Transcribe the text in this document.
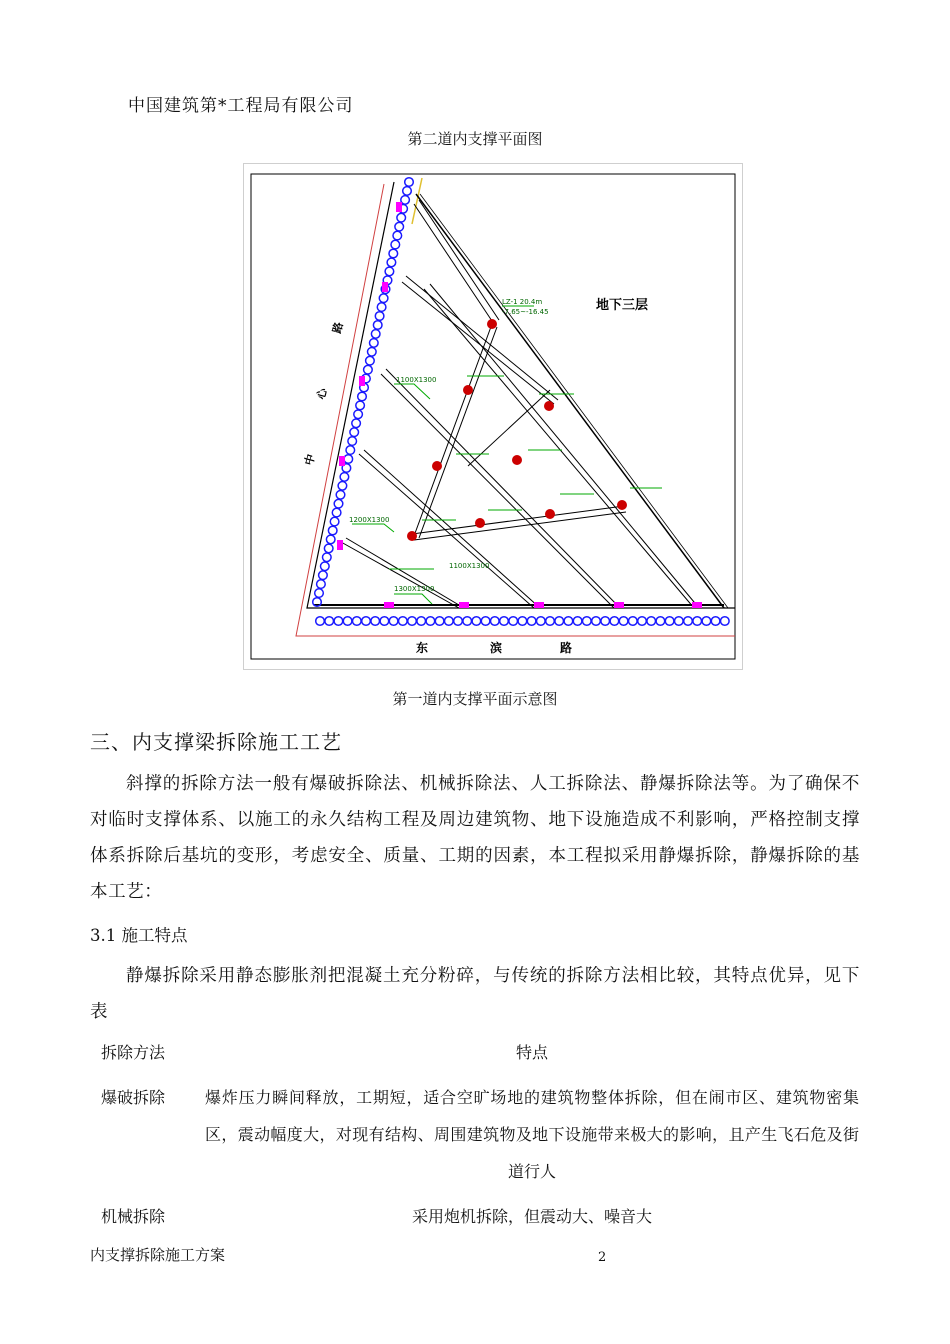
中国建筑第*工程局有限公司
第二道内支撑平面图
1100X1300
1200X1300
1100X1300
1300X1300
LZ-1 20.4m
-7.65~-16.45	地下三层
东	滨	路
中
心
路
第一道内支撑平面示意图
三、内支撑梁拆除施工工艺
斜撑的拆除方法一般有爆破拆除法、机械拆除法、人工拆除法、静爆拆除法等。为了确保不对临时支撑体系、以施工的永久结构工程及周边建筑物、地下设施造成不利影响，严格控制支撑体系拆除后基坑的变形，考虑安全、质量、工期的因素，本工程拟采用静爆拆除，静爆拆除的基本工艺：
3.1 施工特点
静爆拆除采用静态膨胀剂把混凝土充分粉碎，与传统的拆除方法相比较，其特点优异，见下表
拆除方法	特点
爆破拆除	爆炸压力瞬间释放，工期短，适合空旷场地的建筑物整体拆除，但在闹市区、建筑物密集区，震动幅度大，对现有结构、周围建筑物及地下设施带来极大的影响，且产生飞石危及街道行人
机械拆除	采用炮机拆除，但震动大、噪音大
内支撑拆除施工方案	2
